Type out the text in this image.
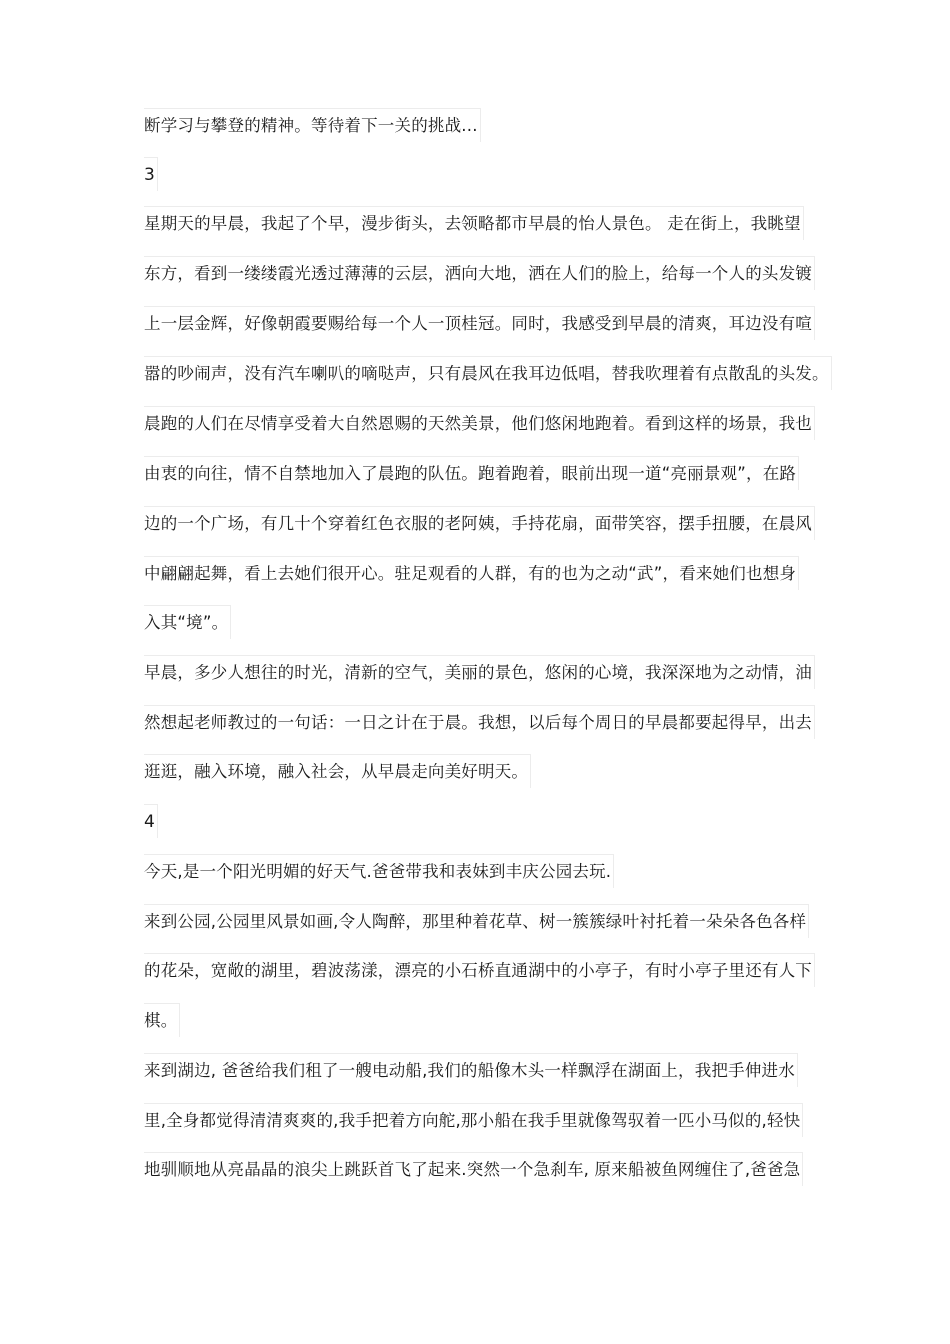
断学习与攀登的精神。等待着下一关的挑战...
3
星期天的早晨，我起了个早，漫步街头，去领略都市早晨的怡人景色。 走在街上，我眺望
东方，看到一缕缕霞光透过薄薄的云层，洒向大地，洒在人们的脸上，给每一个人的头发镀
上一层金辉，好像朝霞要赐给每一个人一顶桂冠。同时，我感受到早晨的清爽，耳边没有喧
嚣的吵闹声，没有汽车喇叭的嘀哒声，只有晨风在我耳边低唱，替我吹理着有点散乱的头发。
晨跑的人们在尽情享受着大自然恩赐的天然美景，他们悠闲地跑着。看到这样的场景，我也
由衷的向往，情不自禁地加入了晨跑的队伍。跑着跑着，眼前出现一道“亮丽景观”，在路
边的一个广场，有几十个穿着红色衣服的老阿姨，手持花扇，面带笑容，摆手扭腰，在晨风
中翩翩起舞，看上去她们很开心。驻足观看的人群，有的也为之动“武”，看来她们也想身
入其“境”。
早晨，多少人想往的时光，清新的空气，美丽的景色，悠闲的心境，我深深地为之动情，油
然想起老师教过的一句话：一日之计在于晨。我想，以后每个周日的早晨都要起得早，出去
逛逛，融入环境，融入社会，从早晨走向美好明天。
4
今天,是一个阳光明媚的好天气.爸爸带我和表妹到丰庆公园去玩.
来到公园,公园里风景如画,令人陶醉，那里种着花草、树一簇簇绿叶衬托着一朵朵各色各样
的花朵，宽敞的湖里，碧波荡漾，漂亮的小石桥直通湖中的小亭子，有时小亭子里还有人下
棋。
来到湖边, 爸爸给我们租了一艘电动船,我们的船像木头一样飘浮在湖面上，我把手伸进水
里,全身都觉得清清爽爽的,我手把着方向舵,那小船在我手里就像驾驭着一匹小马似的,轻快
地驯顺地从亮晶晶的浪尖上跳跃首飞了起来.突然一个急刹车, 原来船被鱼网缠住了,爸爸急
